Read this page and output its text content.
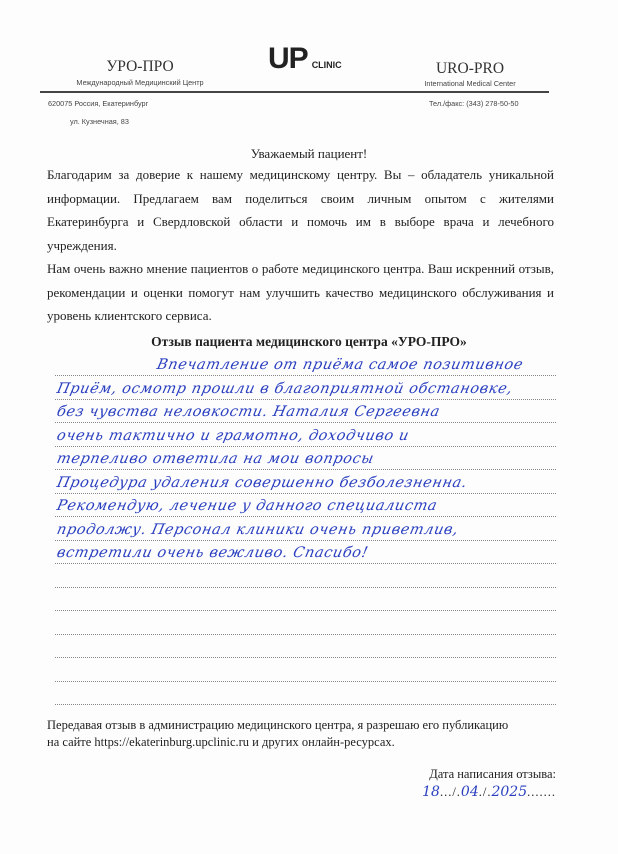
УРО-ПРО
Международный Медицинский Центр
UP CLINIC	URO-PRO
International Medical Center
620075 Россия, Екатеринбург
ул. Кузнечная, 83
Тел./факс: (343) 278-50-50
Уважаемый пациент!
Благодарим за доверие к нашему медицинскому центру. Вы – обладатель уникальной информации. Предлагаем вам поделиться своим личным опытом с жителями Екатеринбурга и Свердловской области и помочь им в выборе врача и лечебного учреждения.
Нам очень важно мнение пациентов о работе медицинского центра. Ваш искренний отзыв, рекомендации и оценки помогут нам улучшить качество медицинского обслуживания и уровень клиентского сервиса.
Отзыв пациента медицинского центра «УРО-ПРО»
Впечатление от приёма самое позитивное
Приём, осмотр прошли в благоприятной обстановке,
без чувства неловкости. Наталия Сергеевна
очень тактично и грамотно, доходчиво и
терпеливо ответила на мои вопросы
Процедура удаления совершенно безболезненна.
Рекомендую, лечение у данного специалиста
продолжу. Персонал клиники очень приветлив,
встретили очень вежливо. Спасибо!
Передавая отзыв в администрацию медицинского центра, я разрешаю его публикацию
на сайте https://ekaterinburg.upclinic.ru и других онлайн-ресурсах.
Дата написания отзыва:
18.../.04./.2025.......
